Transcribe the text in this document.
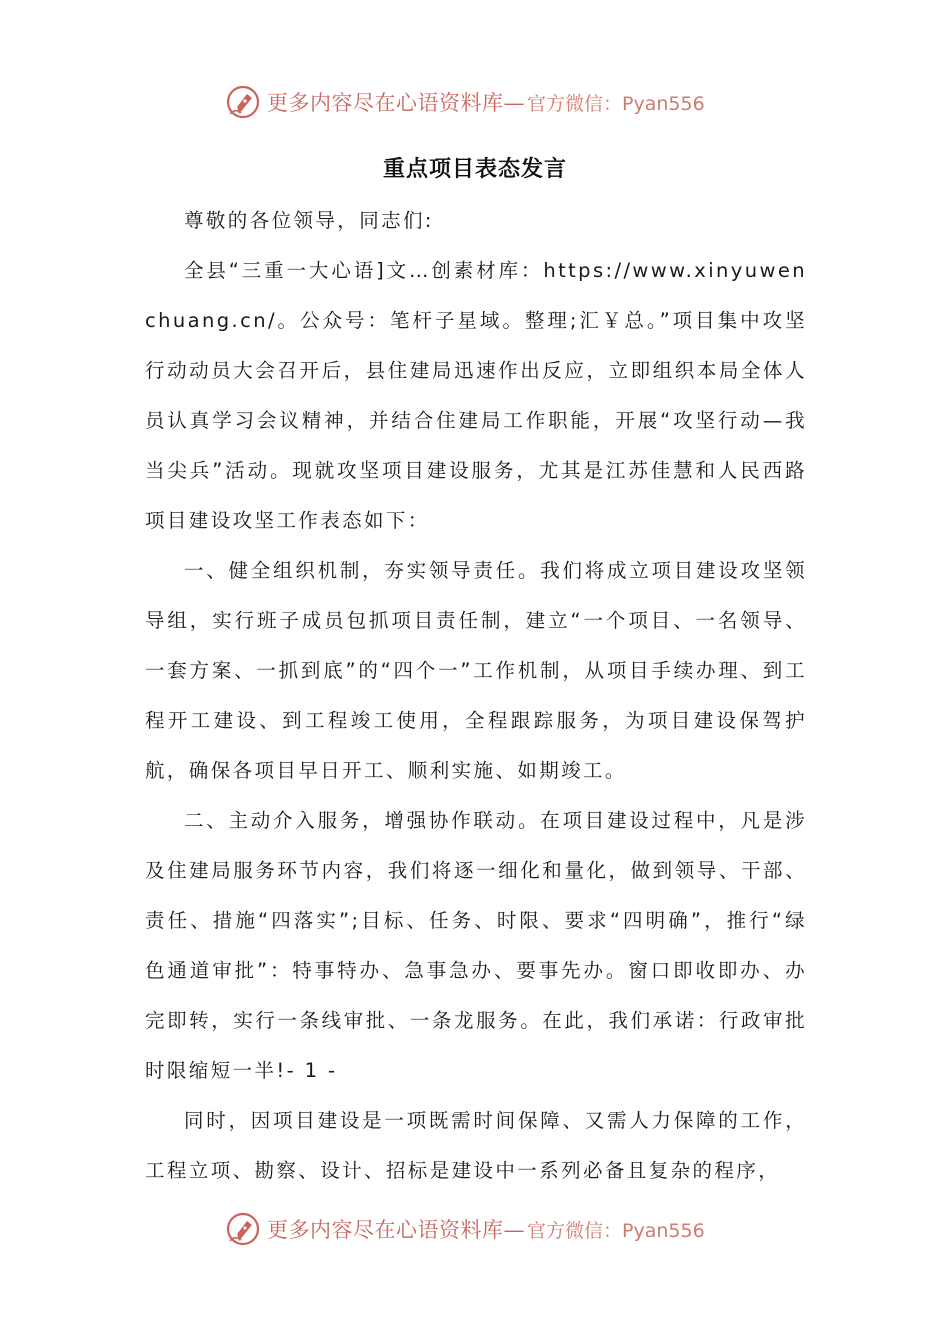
更多内容尽在心语资料库— 官方微信：Pyan556
重点项目表态发言

尊敬的各位领导，同志们:

全县“三重一大心语]文…创素材库：https://www.xinyuwenchuang.cn/。公众号：笔杆子星域。整理;汇￥总。”项目集中攻坚行动动员大会召开后，县住建局迅速作出反应，立即组织本局全体人员认真学习会议精神，并结合住建局工作职能，开展“攻坚行动—我当尖兵”活动。现就攻坚项目建设服务，尤其是江苏佳慧和人民西路项目建设攻坚工作表态如下：

一、健全组织机制，夯实领导责任。我们将成立项目建设攻坚领导组，实行班子成员包抓项目责任制，建立“一个项目、一名领导、一套方案、一抓到底”的“四个一”工作机制，从项目手续办理、到工程开工建设、到工程竣工使用，全程跟踪服务，为项目建设保驾护航，确保各项目早日开工、顺利实施、如期竣工。

二、主动介入服务，增强协作联动。在项目建设过程中，凡是涉及住建局服务环节内容，我们将逐一细化和量化，做到领导、干部、责任、措施“四落实”;目标、任务、时限、要求“四明确”，推行“绿色通道审批”：特事特办、急事急办、要事先办。窗口即收即办、办完即转，实行一条线审批、一条龙服务。在此，我们承诺：行政审批时限缩短一半!- 1 -

同时，因项目建设是一项既需时间保障、又需人力保障的工作，工程立项、勘察、设计、招标是建设中一系列必备且复杂的程序，

更多内容尽在心语资料库— 官方微信：Pyan556
